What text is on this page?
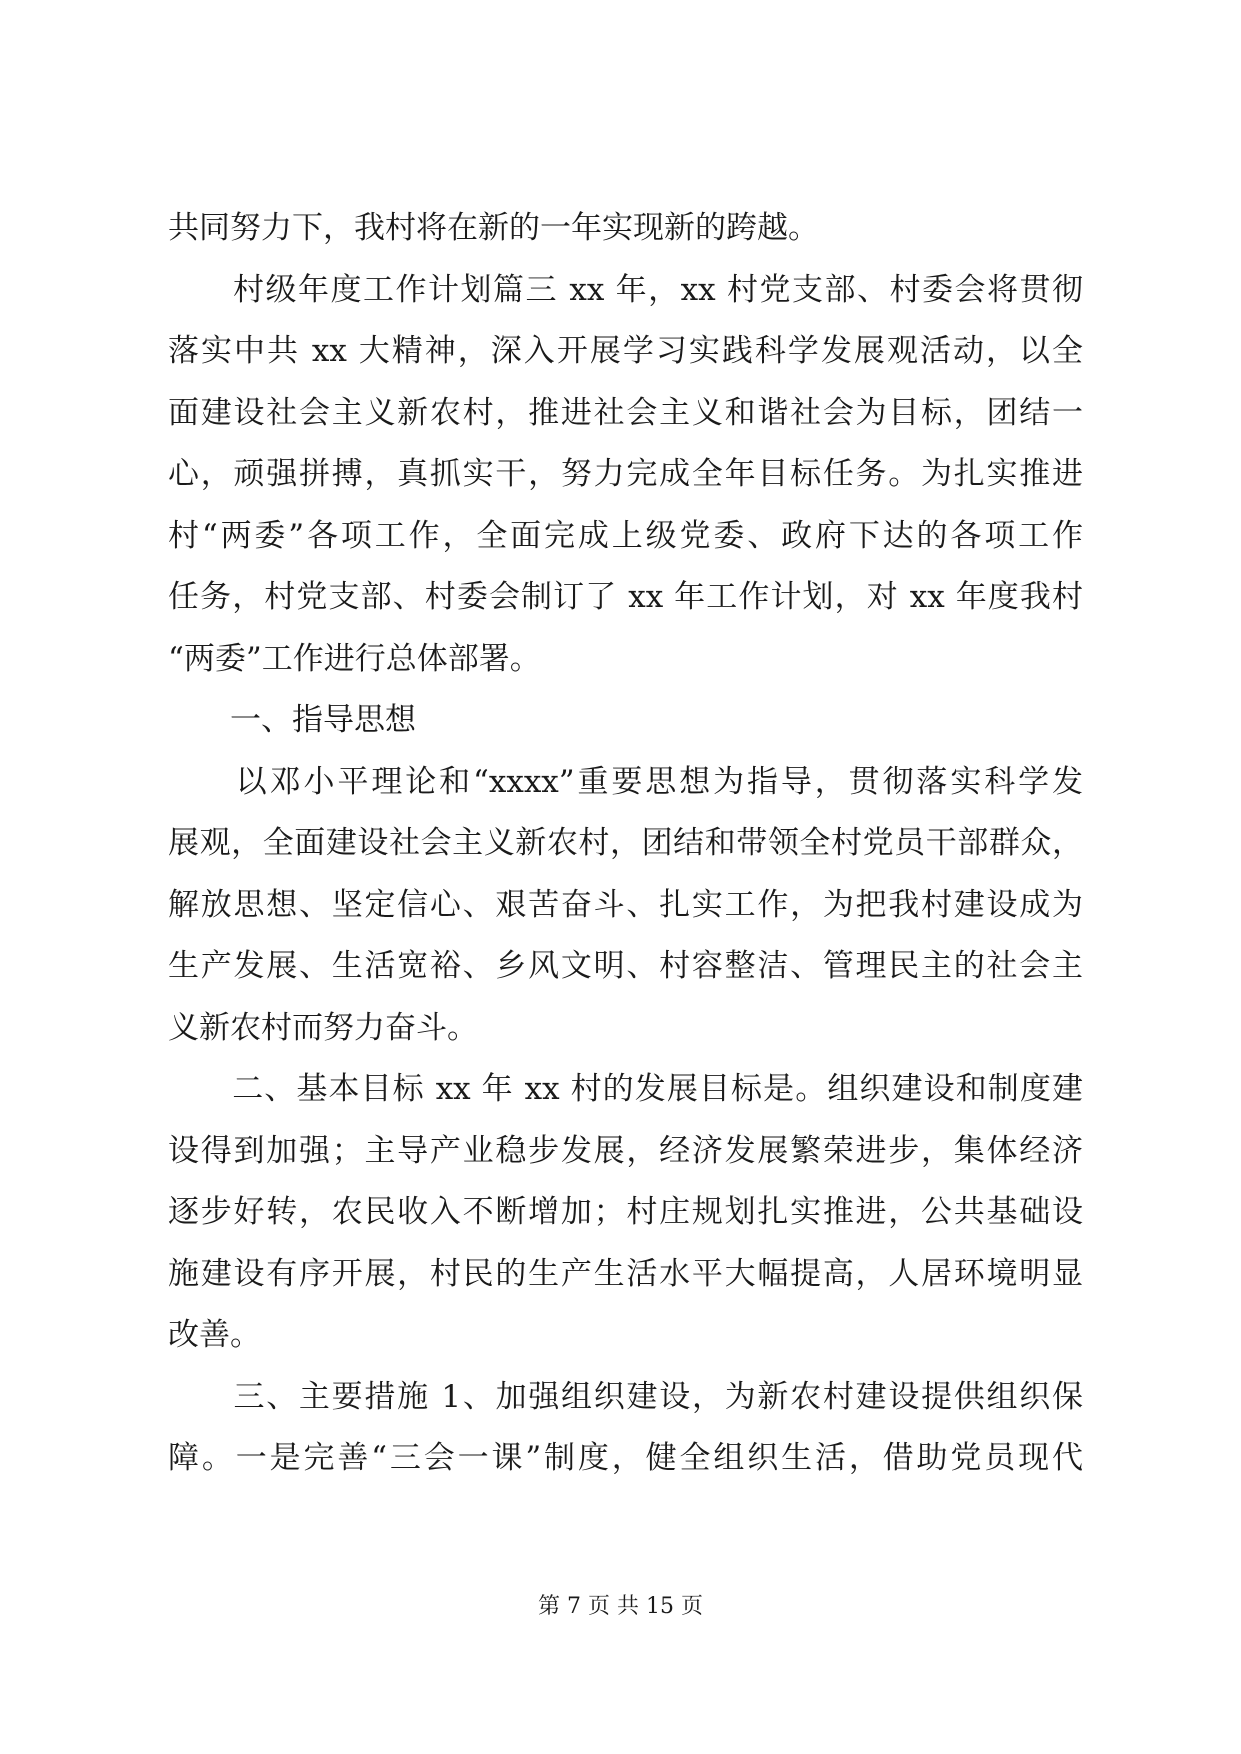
共同努力下，我村将在新的一年实现新的跨越。
　　村级年度工作计划篇三 xx 年，xx 村党支部、村委会将贯彻
落实中共 xx 大精神，深入开展学习实践科学发展观活动，以全
面建设社会主义新农村，推进社会主义和谐社会为目标，团结一
心，顽强拼搏，真抓实干，努力完成全年目标任务。为扎实推进
村“两委”各项工作，全面完成上级党委、政府下达的各项工作
任务，村党支部、村委会制订了 xx 年工作计划，对 xx 年度我村
“两委”工作进行总体部署。
　　一、指导思想
　　以邓小平理论和“xxxx”重要思想为指导，贯彻落实科学发
展观，全面建设社会主义新农村，团结和带领全村党员干部群众，
解放思想、坚定信心、艰苦奋斗、扎实工作，为把我村建设成为
生产发展、生活宽裕、乡风文明、村容整洁、管理民主的社会主
义新农村而努力奋斗。
　　二、基本目标 xx 年 xx 村的发展目标是。组织建设和制度建
设得到加强；主导产业稳步发展，经济发展繁荣进步，集体经济
逐步好转，农民收入不断增加；村庄规划扎实推进，公共基础设
施建设有序开展，村民的生产生活水平大幅提高，人居环境明显
改善。
　　三、主要措施 1、加强组织建设，为新农村建设提供组织保
障。一是完善“三会一课”制度，健全组织生活，借助党员现代
第 7 页 共 15 页
